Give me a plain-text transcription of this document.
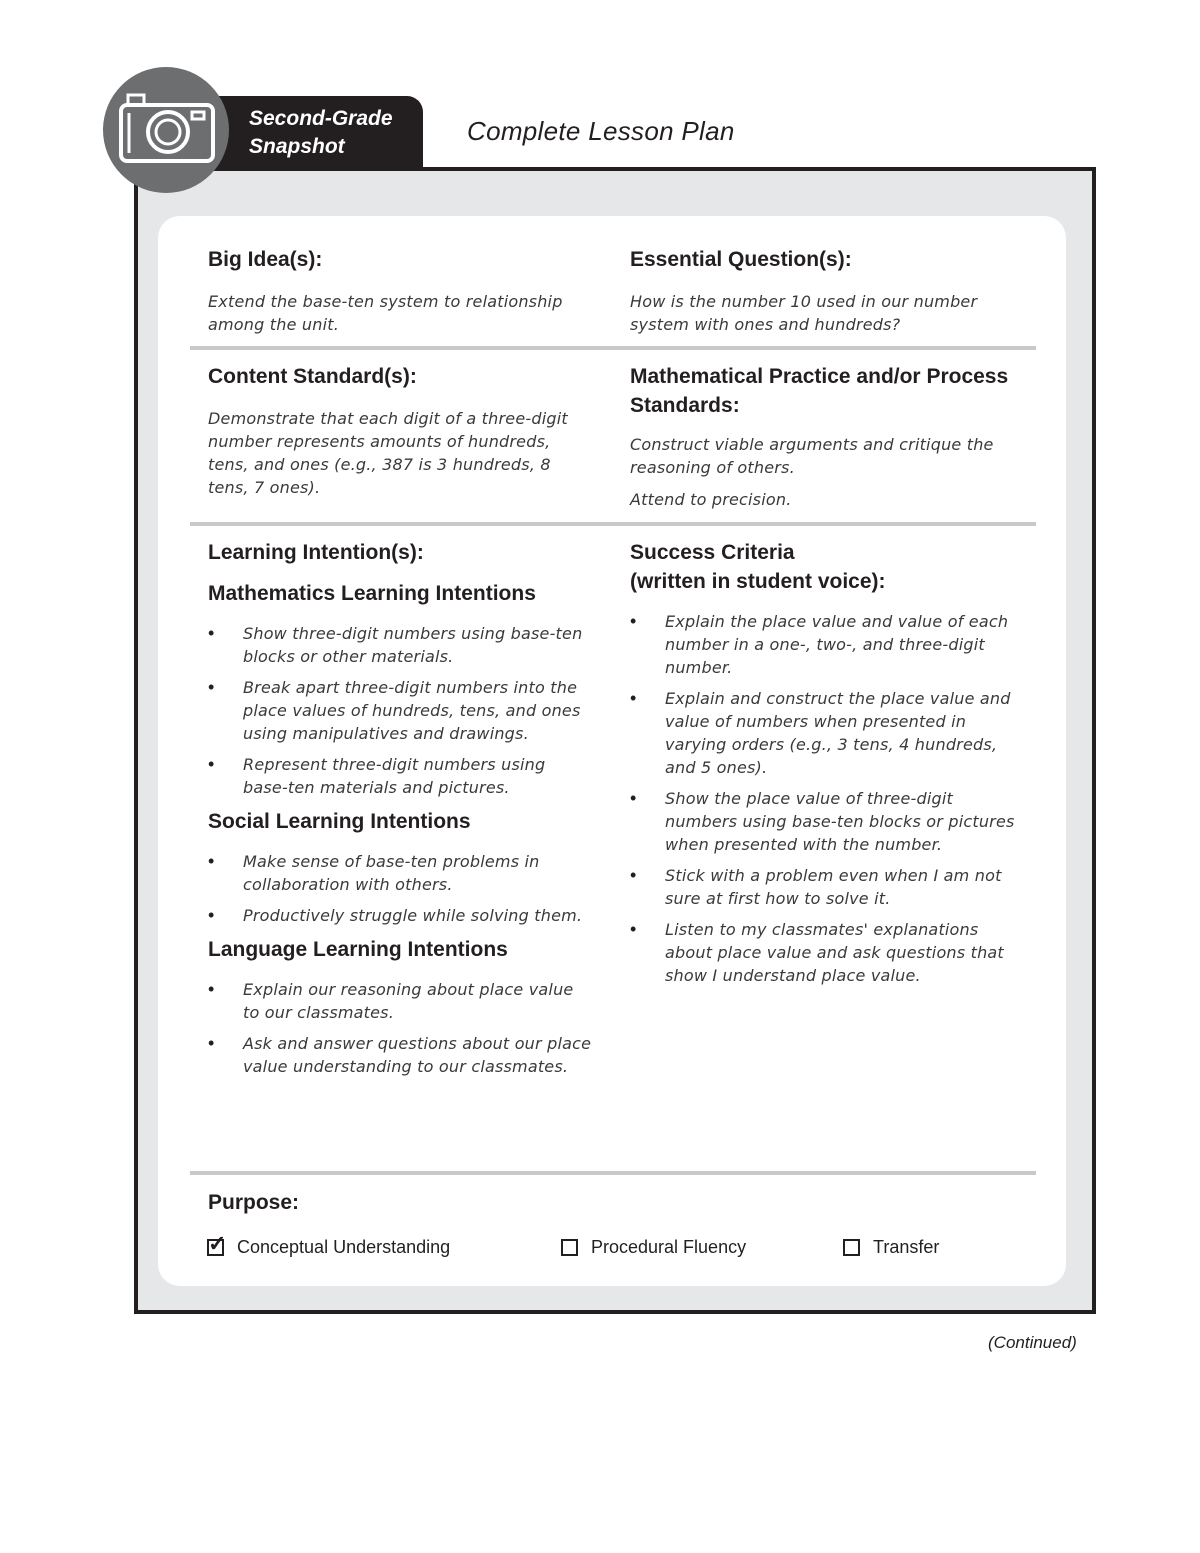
Second-Grade
Snapshot
Complete Lesson Plan
Big Idea(s):
Extend the base-ten system to relationship among the unit.
Essential Question(s):
How is the number 10 used in our number system with ones and hundreds?
Content Standard(s):
Demonstrate that each digit of a three-digit number represents amounts of hundreds, tens, and ones (e.g., 387 is 3 hundreds, 8 tens, 7 ones).
Mathematical Practice and/or Process Standards:
Construct viable arguments and critique the reasoning of others.
Attend to precision.
Learning Intention(s):
Mathematics Learning Intentions
• Show three-digit numbers using base-ten blocks or other materials.
• Break apart three-digit numbers into the place values of hundreds, tens, and ones using manipulatives and drawings.
• Represent three-digit numbers using base-ten materials and pictures.
Social Learning Intentions
• Make sense of base-ten problems in collaboration with others.
• Productively struggle while solving them.
Language Learning Intentions
• Explain our reasoning about place value to our classmates.
• Ask and answer questions about our place value understanding to our classmates.
Success Criteria
(written in student voice):
• Explain the place value and value of each number in a one-, two-, and three-digit number.
• Explain and construct the place value and value of numbers when presented in varying orders (e.g., 3 tens, 4 hundreds, and 5 ones).
• Show the place value of three-digit numbers using base-ten blocks or pictures when presented with the number.
• Stick with a problem even when I am not sure at first how to solve it.
• Listen to my classmates' explanations about place value and ask questions that show I understand place value.
Purpose:
✓ Conceptual Understanding	Procedural Fluency	Transfer
(Continued)
